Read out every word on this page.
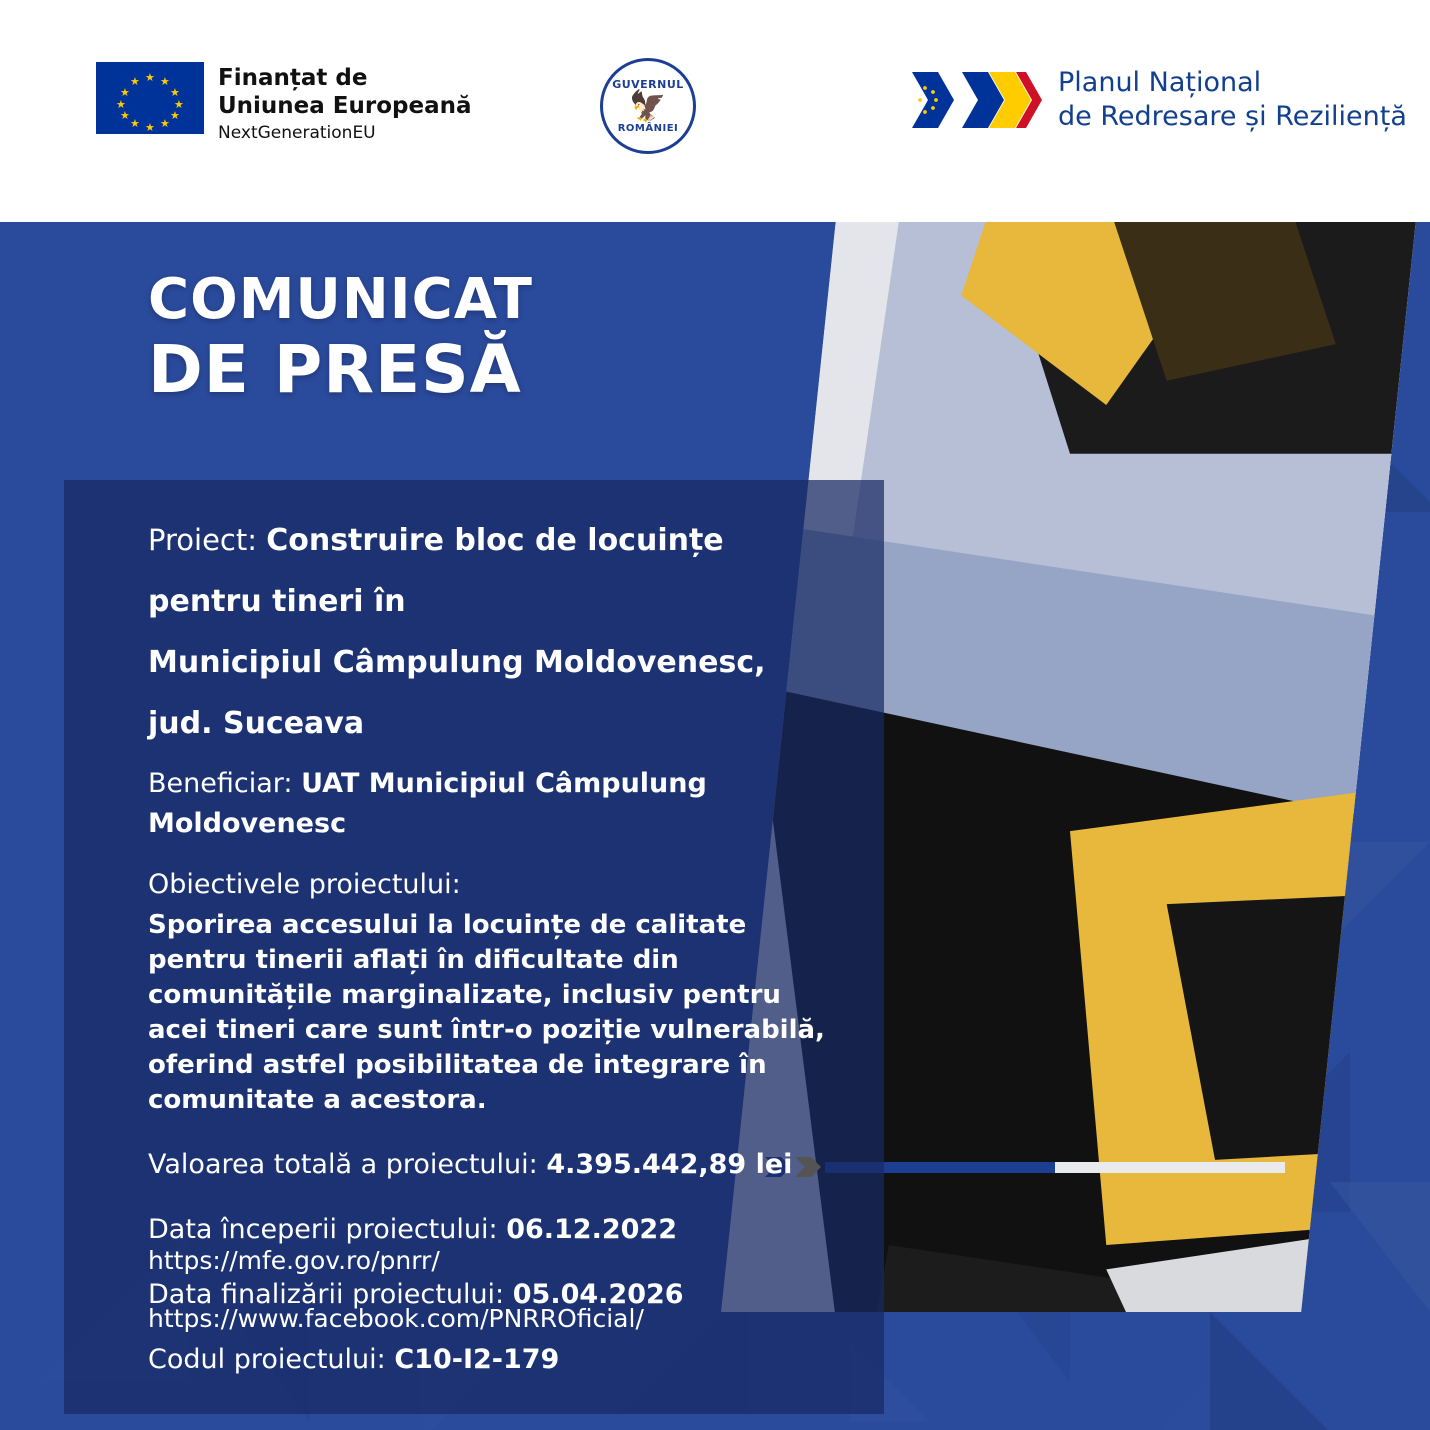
★
★ ★
★	★
★	★
★	★
★ ★
★
Finanțat de
Uniunea Europeană
NextGenerationEU
GUVERNUL
🦅
ROMÂNIEI
Planul Național
de Redresare și Reziliență
COMUNICAT
DE PRESĂ
Proiect: Construire bloc de locuințe pentru tineri în
Municipiul Câmpulung Moldovenesc, jud. Suceava
Beneficiar: UAT Municipiul Câmpulung Moldovenesc
Obiectivele proiectului:
Sporirea accesului la locuințe de calitate pentru tinerii aflați în dificultate din comunitățile marginalizate, inclusiv pentru acei tineri care sunt într-o poziție vulnerabilă, oferind astfel posibilitatea de integrare în comunitate a acestora.
Valoarea totală a proiectului: 4.395.442,89 lei
Data începerii proiectului: 06.12.2022
Data finalizării proiectului: 05.04.2026
Codul proiectului: C10-I2-179
https://mfe.gov.ro/pnrr/
https://www.facebook.com/PNRROficial/
